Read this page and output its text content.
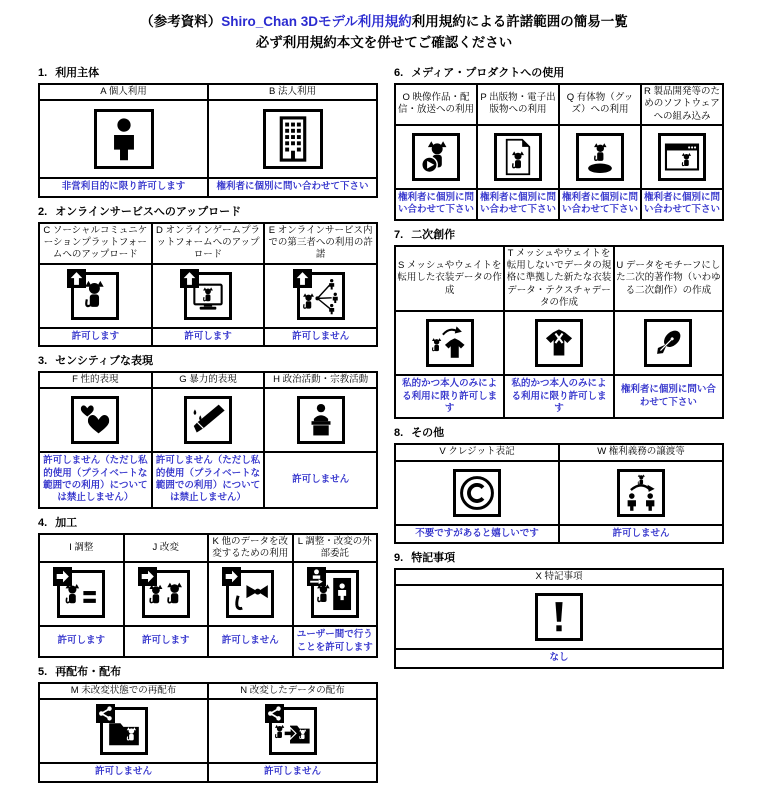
（参考資料）Shiro_Chan 3Dモデル利用規約利用規約による許諾範囲の簡易一覧
必ず利用規約本文を併せてご確認ください
1. 利用主体
A 個人利用	B 法人利用

非営利目的に限り許可します	権利者に個別に問い合わせて下さい
2. オンラインサービスへのアップロード
C ソーシャルコミュニケーションプラットフォームへのアップロード	D オンラインゲームプラットフォームへのアップロード	E オンラインサービス内での第三者への利用の許諾

許可します	許可します	許可しません
3. センシティブな表現
F 性的表現	G 暴力的表現	H 政治活動・宗教活動

許可しません（ただし私的使用（プライベートな範囲での利用）については禁止しません）	許可しません（ただし私的使用（プライベートな範囲での利用）については禁止しません）	許可しません
4. 加工
I 調整	J 改変	K 他のデータを改変するための利用	L 調整・改変の外部委託

許可します	許可します	許可しません	ユーザー間で行うことを許可します
5. 再配布・配布
M 未改変状態での再配布	N 改変したデータの配布

許可しません	許可しません
6. メディア・プロダクトへの使用
O 映像作品・配信・放送への利用	P 出版物・電子出版物への利用	Q 有体物（グッズ）への利用	R 製品開発等のためのソフトウェアへの組み込み

権利者に個別に問い合わせて下さい	権利者に個別に問い合わせて下さい	権利者に個別に問い合わせて下さい	権利者に個別に問い合わせて下さい
7. 二次創作
S メッシュやウェイトを転用した衣装データの作成	T メッシュやウェイトを転用しないでデータの規格に準拠した新たな衣装データ・テクスチャデータの作成	U データをモチーフにした二次的著作物（いわゆる二次創作）の作成

私的かつ本人のみによる利用に限り許可します	私的かつ本人のみによる利用に限り許可します	権利者に個別に問い合わせて下さい
8. その他
V クレジット表記	W 権利義務の譲渡等

不要ですがあると嬉しいです	許可しません
9. 特記事項
X 特記事項

なし
